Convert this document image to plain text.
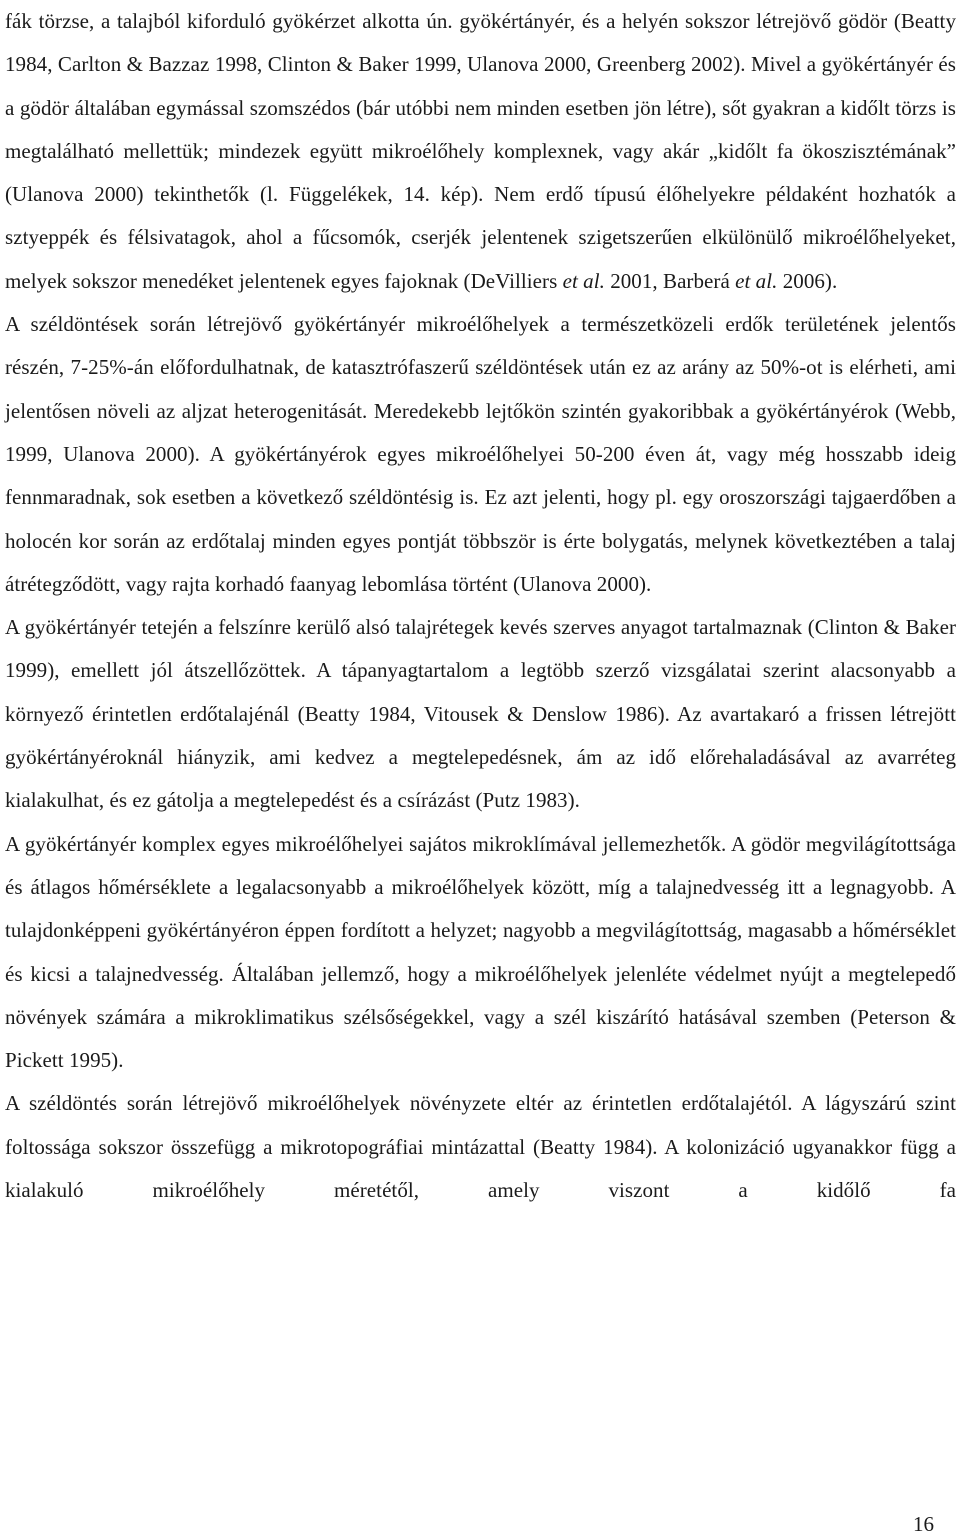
fák törzse, a talajból kiforduló gyökérzet alkotta ún. gyökértányér, és a helyén sokszor létrejövő gödör (Beatty 1984, Carlton & Bazzaz 1998, Clinton & Baker 1999, Ulanova 2000, Greenberg 2002). Mivel a gyökértányér és a gödör általában egymással szomszédos (bár utóbbi nem minden esetben jön létre), sőt gyakran a kidőlt törzs is megtalálható mellettük; mindezek együtt mikroélőhely komplexnek, vagy akár „kidőlt fa ökoszisztémának” (Ulanova 2000) tekinthetők (l. Függelékek, 14. kép). Nem erdő típusú élőhelyekre példaként hozhatók a sztyeppék és félsivatagok, ahol a fűcsomók, cserjék jelentenek szigetszerűen elkülönülő mikroélőhelyeket, melyek sokszor menedéket jelentenek egyes fajoknak (DeVilliers et al. 2001, Barberá et al. 2006).

A széldöntések során létrejövő gyökértányér mikroélőhelyek a természetközeli erdők területének jelentős részén, 7-25%-án előfordulhatnak, de katasztrófaszerű széldöntések után ez az arány az 50%-ot is elérheti, ami jelentősen növeli az aljzat heterogenitását. Meredekebb lejtőkön szintén gyakoribbak a gyökértányérok (Webb, 1999, Ulanova 2000). A gyökértányérok egyes mikroélőhelyei 50-200 éven át, vagy még hosszabb ideig fennmaradnak, sok esetben a következő széldöntésig is. Ez azt jelenti, hogy pl. egy oroszországi tajgaerdőben a holocén kor során az erdőtalaj minden egyes pontját többször is érte bolygatás, melynek következtében a talaj átrétegződött, vagy rajta korhadó faanyag lebomlása történt (Ulanova 2000).

A gyökértányér tetején a felszínre kerülő alsó talajrétegek kevés szerves anyagot tartalmaznak (Clinton & Baker 1999), emellett jól átszellőzöttek. A tápanyagtartalom a legtöbb szerző vizsgálatai szerint alacsonyabb a környező érintetlen erdőtalajénál (Beatty 1984, Vitousek & Denslow 1986). Az avartakaró a frissen létrejött gyökértányéroknál hiányzik, ami kedvez a megtelepedésnek, ám az idő előrehaladásával az avarréteg kialakulhat, és ez gátolja a megtelepedést és a csírázást (Putz 1983).

A gyökértányér komplex egyes mikroélőhelyei sajátos mikroklímával jellemezhetők. A gödör megvilágítottsága és átlagos hőmérséklete a legalacsonyabb a mikroélőhelyek között, míg a talajnedvesség itt a legnagyobb. A tulajdonképpeni gyökértányéron éppen fordított a helyzet; nagyobb a megvilágítottság, magasabb a hőmérséklet és kicsi a talajnedvesség. Általában jellemző, hogy a mikroélőhelyek jelenléte védelmet nyújt a megtelepedő növények számára a mikroklimatikus szélsőségekkel, vagy a szél kiszárító hatásával szemben (Peterson & Pickett 1995).

A széldöntés során létrejövő mikroélőhelyek növényzete eltér az érintetlen erdőtalajétól. A lágyszárú szint foltossága sokszor összefügg a mikrotopográfiai mintázattal (Beatty 1984). A kolonizáció ugyanakkor függ a kialakuló mikroélőhely méretétől, amely viszont a kidőlő fa

16
